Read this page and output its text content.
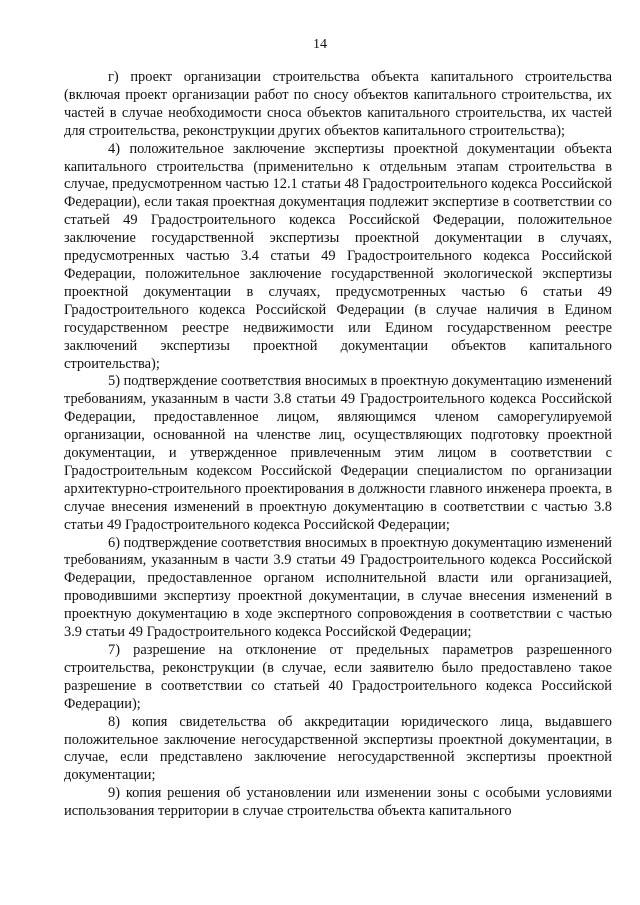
14

г) проект организации строительства объекта капитального строительства (включая проект организации работ по сносу объектов капитального строительства, их частей в случае необходимости сноса объектов капитального строительства, их частей для строительства, реконструкции других объектов капитального строительства);

4) положительное заключение экспертизы проектной документации объекта капитального строительства (применительно к отдельным этапам строительства в случае, предусмотренном частью 12.1 статьи 48 Градостроительного кодекса Российской Федерации), если такая проектная документация подлежит экспертизе в соответствии со статьей 49 Градостроительного кодекса Российской Федерации, положительное заключение государственной экспертизы проектной документации в случаях, предусмотренных частью 3.4 статьи 49 Градостроительного кодекса Российской Федерации, положительное заключение государственной экологической экспертизы проектной документации в случаях, предусмотренных частью 6 статьи 49 Градостроительного кодекса Российской Федерации (в случае наличия в Едином государственном реестре недвижимости или Едином государственном реестре заключений экспертизы проектной документации объектов капитального строительства);

5) подтверждение соответствия вносимых в проектную документацию изменений требованиям, указанным в части 3.8 статьи 49 Градостроительного кодекса Российской Федерации, предоставленное лицом, являющимся членом саморегулируемой организации, основанной на членстве лиц, осуществляющих подготовку проектной документации, и утвержденное привлеченным этим лицом в соответствии с Градостроительным кодексом Российской Федерации специалистом по организации архитектурно-строительного проектирования в должности главного инженера проекта, в случае внесения изменений в проектную документацию в соответствии с частью 3.8 статьи 49 Градостроительного кодекса Российской Федерации;

6) подтверждение соответствия вносимых в проектную документацию изменений требованиям, указанным в части 3.9 статьи 49 Градостроительного кодекса Российской Федерации, предоставленное органом исполнительной власти или организацией, проводившими экспертизу проектной документации, в случае внесения изменений в проектную документацию в ходе экспертного сопровождения в соответствии с частью 3.9 статьи 49 Градостроительного кодекса Российской Федерации;

7) разрешение на отклонение от предельных параметров разрешенного строительства, реконструкции (в случае, если заявителю было предоставлено такое разрешение в соответствии со статьей 40 Градостроительного кодекса Российской Федерации);

8) копия свидетельства об аккредитации юридического лица, выдавшего положительное заключение негосударственной экспертизы проектной документации, в случае, если представлено заключение негосударственной экспертизы проектной документации;

9) копия решения об установлении или изменении зоны с особыми условиями использования территории в случае строительства объекта капитального
